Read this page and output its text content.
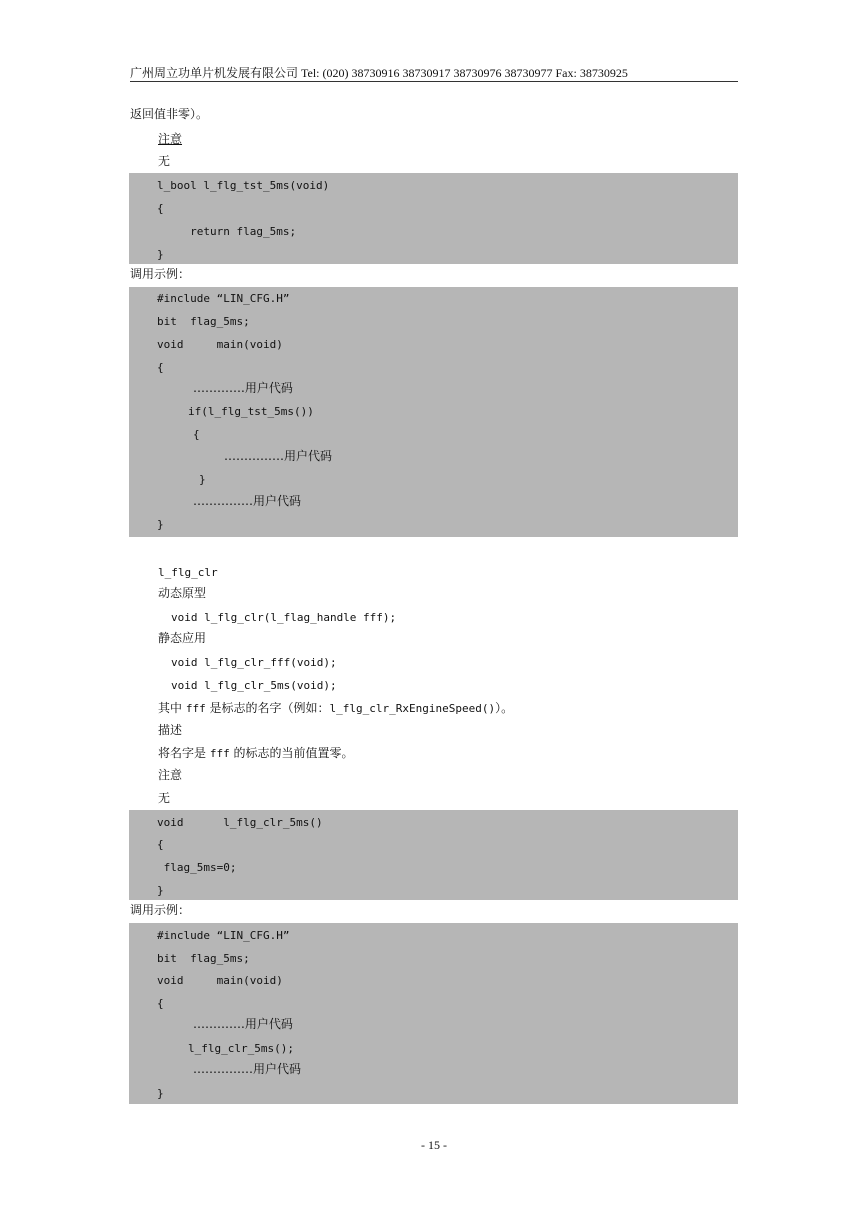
广州周立功单片机发展有限公司 Tel: (020) 38730916 38730917 38730976 38730977 Fax: 38730925
返回值非零）。
注意
无
l_bool l_flg_tst_5ms(void)
{
return flag_5ms;
}
调用示例：
#include “LIN_CFG.H”
bit  flag_5ms;
void     main(void)
{
………….用户代码
if(l_flg_tst_5ms())
{
……………用户代码
}
……………用户代码
}
l_flg_clr
动态原型
void l_flg_clr(l_flag_handle fff);
静态应用
void l_flg_clr_fff(void);
void l_flg_clr_5ms(void);
其中 fff 是标志的名字（例如：l_flg_clr_RxEngineSpeed()）。
描述
将名字是 fff 的标志的当前值置零。
注意
无
void      l_flg_clr_5ms()
{
flag_5ms=0;
}
调用示例：
#include “LIN_CFG.H”
bit  flag_5ms;
void     main(void)
{
………….用户代码
l_flg_clr_5ms();
……………用户代码
}
- 15 -
